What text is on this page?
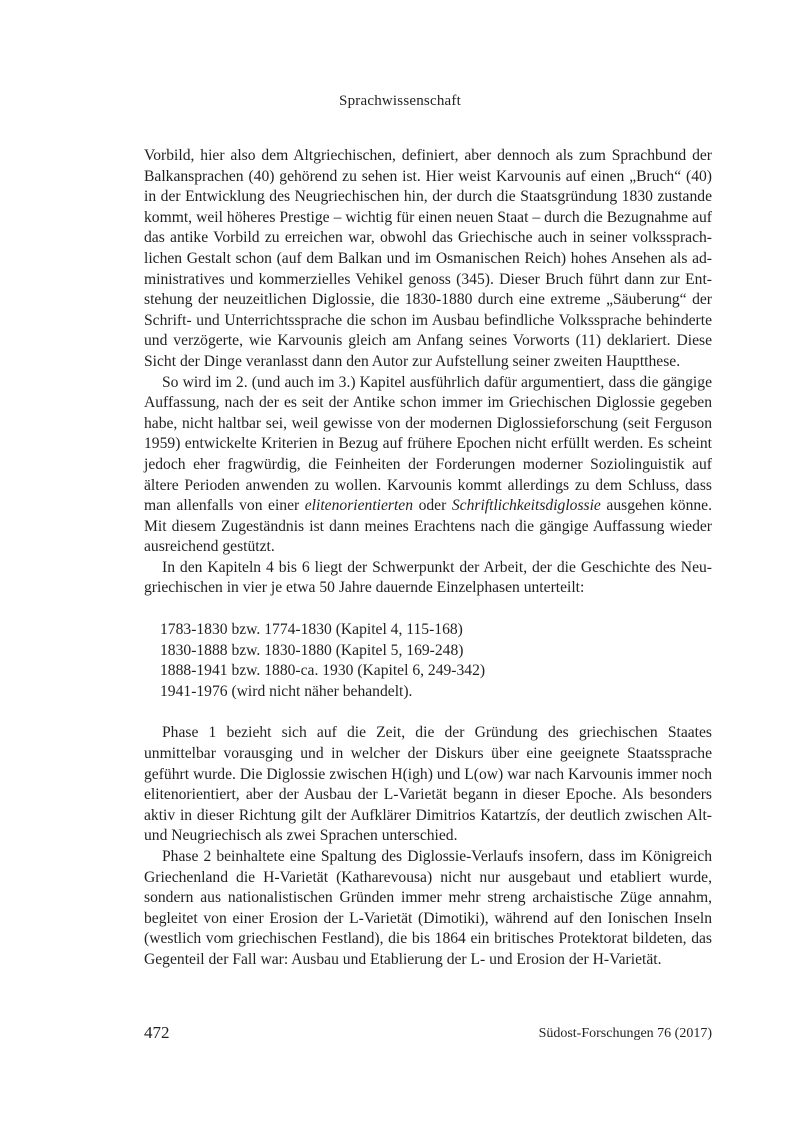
Sprachwissenschaft

Vorbild, hier also dem Altgriechischen, definiert, aber dennoch als zum Sprachbund der Balkansprachen (40) gehörend zu sehen ist. Hier weist Karvounis auf einen „Bruch“ (40) in der Entwicklung des Neugriechischen hin, der durch die Staatsgründung 1830 zustande kommt, weil höheres Prestige – wichtig für einen neuen Staat – durch die Bezugnahme auf das antike Vorbild zu erreichen war, obwohl das Griechische auch in seiner volkssprachlichen Gestalt schon (auf dem Balkan und im Osmanischen Reich) hohes Ansehen als administratives und kommerzielles Vehikel genoss (345). Dieser Bruch führt dann zur Entstehung der neuzeitlichen Diglossie, die 1830-1880 durch eine extreme „Säuberung“ der Schrift- und Unterrichtssprache die schon im Ausbau befindliche Volkssprache behinderte und verzögerte, wie Karvounis gleich am Anfang seines Vorworts (11) deklariert. Diese Sicht der Dinge veranlasst dann den Autor zur Aufstellung seiner zweiten Hauptthese.

So wird im 2. (und auch im 3.) Kapitel ausführlich dafür argumentiert, dass die gängige Auffassung, nach der es seit der Antike schon immer im Griechischen Diglossie gegeben habe, nicht haltbar sei, weil gewisse von der modernen Diglossieforschung (seit Ferguson 1959) entwickelte Kriterien in Bezug auf frühere Epochen nicht erfüllt werden. Es scheint jedoch eher fragwürdig, die Feinheiten der Forderungen moderner Soziolinguistik auf ältere Perioden anwenden zu wollen. Karvounis kommt allerdings zu dem Schluss, dass man allenfalls von einer elitenorientierten oder Schriftlichkeitsdiglossie ausgehen könne. Mit diesem Zugeständnis ist dann meines Erachtens nach die gängige Auffassung wieder ausreichend gestützt.

In den Kapiteln 4 bis 6 liegt der Schwerpunkt der Arbeit, der die Geschichte des Neugriechischen in vier je etwa 50 Jahre dauernde Einzelphasen unterteilt:

1783-1830 bzw. 1774-1830 (Kapitel 4, 115-168)
1830-1888 bzw. 1830-1880 (Kapitel 5, 169-248)
1888-1941 bzw. 1880-ca. 1930 (Kapitel 6, 249-342)
1941-1976 (wird nicht näher behandelt).

Phase 1 bezieht sich auf die Zeit, die der Gründung des griechischen Staates unmittelbar vorausging und in welcher der Diskurs über eine geeignete Staatssprache geführt wurde. Die Diglossie zwischen H(igh) und L(ow) war nach Karvounis immer noch elitenorientiert, aber der Ausbau der L-Varietät begann in dieser Epoche. Als besonders aktiv in dieser Richtung gilt der Aufklärer Dimitrios Katartzís, der deutlich zwischen Alt- und Neugriechisch als zwei Sprachen unterschied.

Phase 2 beinhaltete eine Spaltung des Diglossie-Verlaufs insofern, dass im Königreich Griechenland die H-Varietät (Katharevousa) nicht nur ausgebaut und etabliert wurde, sondern aus nationalistischen Gründen immer mehr streng archaistische Züge annahm, begleitet von einer Erosion der L-Varietät (Dimotiki), während auf den Ionischen Inseln (westlich vom griechischen Festland), die bis 1864 ein britisches Protektorat bildeten, das Gegenteil der Fall war: Ausbau und Etablierung der L- und Erosion der H-Varietät.

472	Südost-Forschungen 76 (2017)
